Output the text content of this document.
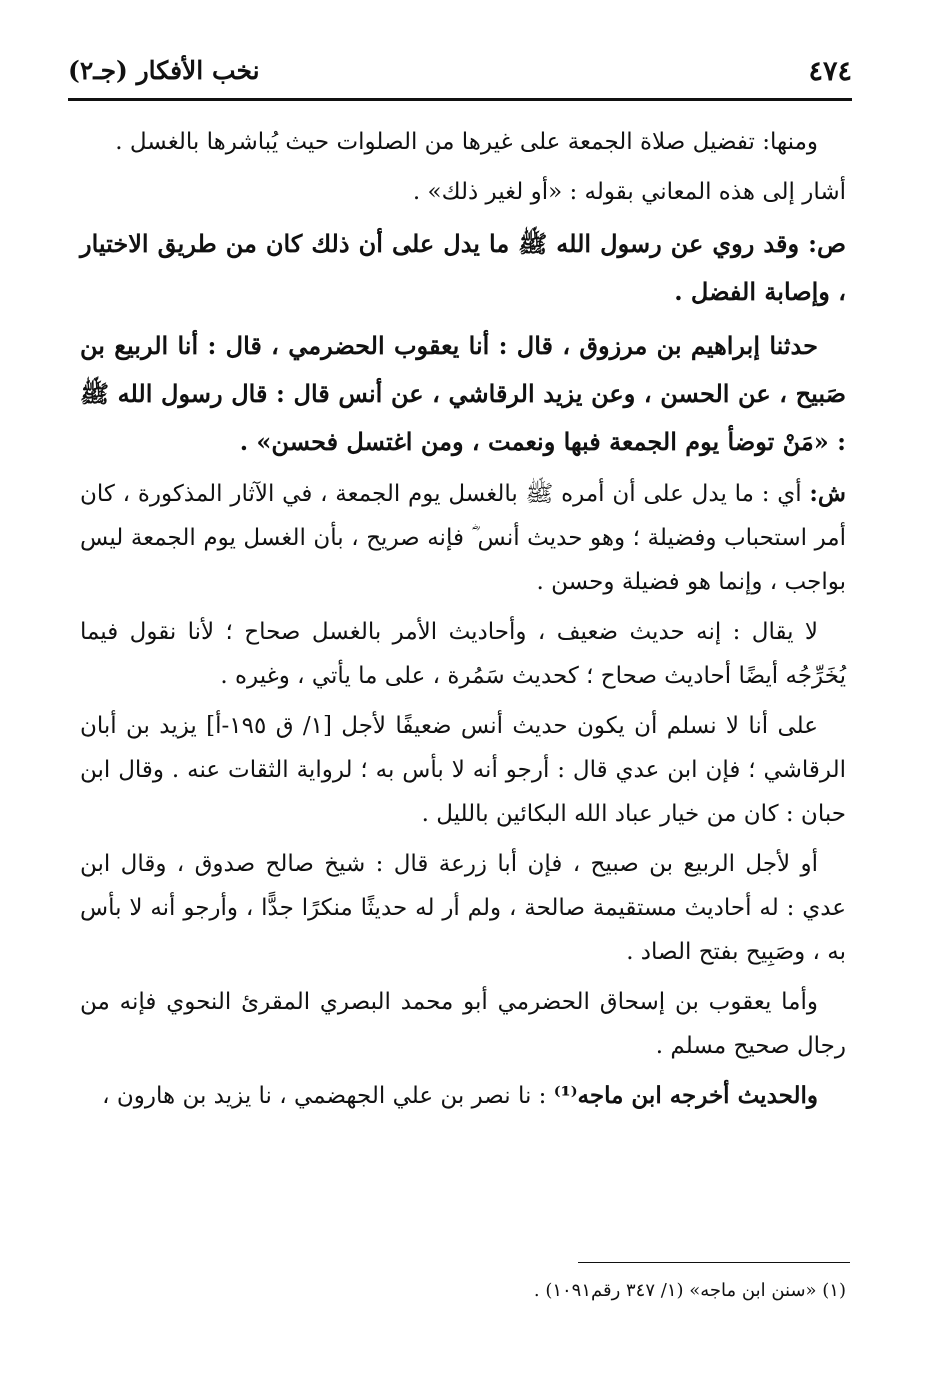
٤٧٤
نخب الأفكار (جـ٢)

ومنها: تفضيل صلاة الجمعة على غيرها من الصلوات حيث يُباشرها بالغسل .

أشار إلى هذه المعاني بقوله : «أو لغير ذلك» .

ص: وقد روي عن رسول الله ﷺ ما يدل على أن ذلك كان من طريق الاختيار ، وإصابة الفضل .

حدثنا إبراهيم بن مرزوق ، قال : أنا يعقوب الحضرمي ، قال : أنا الربيع بن صَبيح ، عن الحسن ، وعن يزيد الرقاشي ، عن أنس قال : قال رسول الله ﷺ : «مَنْ توضأ يوم الجمعة فبها ونعمت ، ومن اغتسل فحسن» .

ش: أي : ما يدل على أن أمره ﷺ بالغسل يوم الجمعة ، في الآثار المذكورة ، كان أمر استحباب وفضيلة ؛ وهو حديث أنس ؓ فإنه صريح ، بأن الغسل يوم الجمعة ليس بواجب ، وإنما هو فضيلة وحسن .

لا يقال : إنه حديث ضعيف ، وأحاديث الأمر بالغسل صحاح ؛ لأنا نقول فيما يُخَرِّجُه أيضًا أحاديث صحاح ؛ كحديث سَمُرة ، على ما يأتي ، وغيره .

على أنا لا نسلم أن يكون حديث أنس ضعيفًا لأجل [١/ ق ١٩٥-أ] يزيد بن أبان الرقاشي ؛ فإن ابن عدي قال : أرجو أنه لا بأس به ؛ لرواية الثقات عنه . وقال ابن حبان : كان من خيار عباد الله البكائين بالليل .

أو لأجل الربيع بن صبيح ، فإن أبا زرعة قال : شيخ صالح صدوق ، وقال ابن عدي : له أحاديث مستقيمة صالحة ، ولم أر له حديثًا منكرًا جدًّا ، وأرجو أنه لا بأس به ، وصَبِيح بفتح الصاد .

وأما يعقوب بن إسحاق الحضرمي أبو محمد البصري المقرئ النحوي فإنه من رجال صحيح مسلم .

والحديث أخرجه ابن ماجه⁽¹⁾ : نا نصر بن علي الجهضمي ، نا يزيد بن هارون ،

(١) «سنن ابن ماجه» (١/ ٣٤٧ رقم١٠٩١) .
